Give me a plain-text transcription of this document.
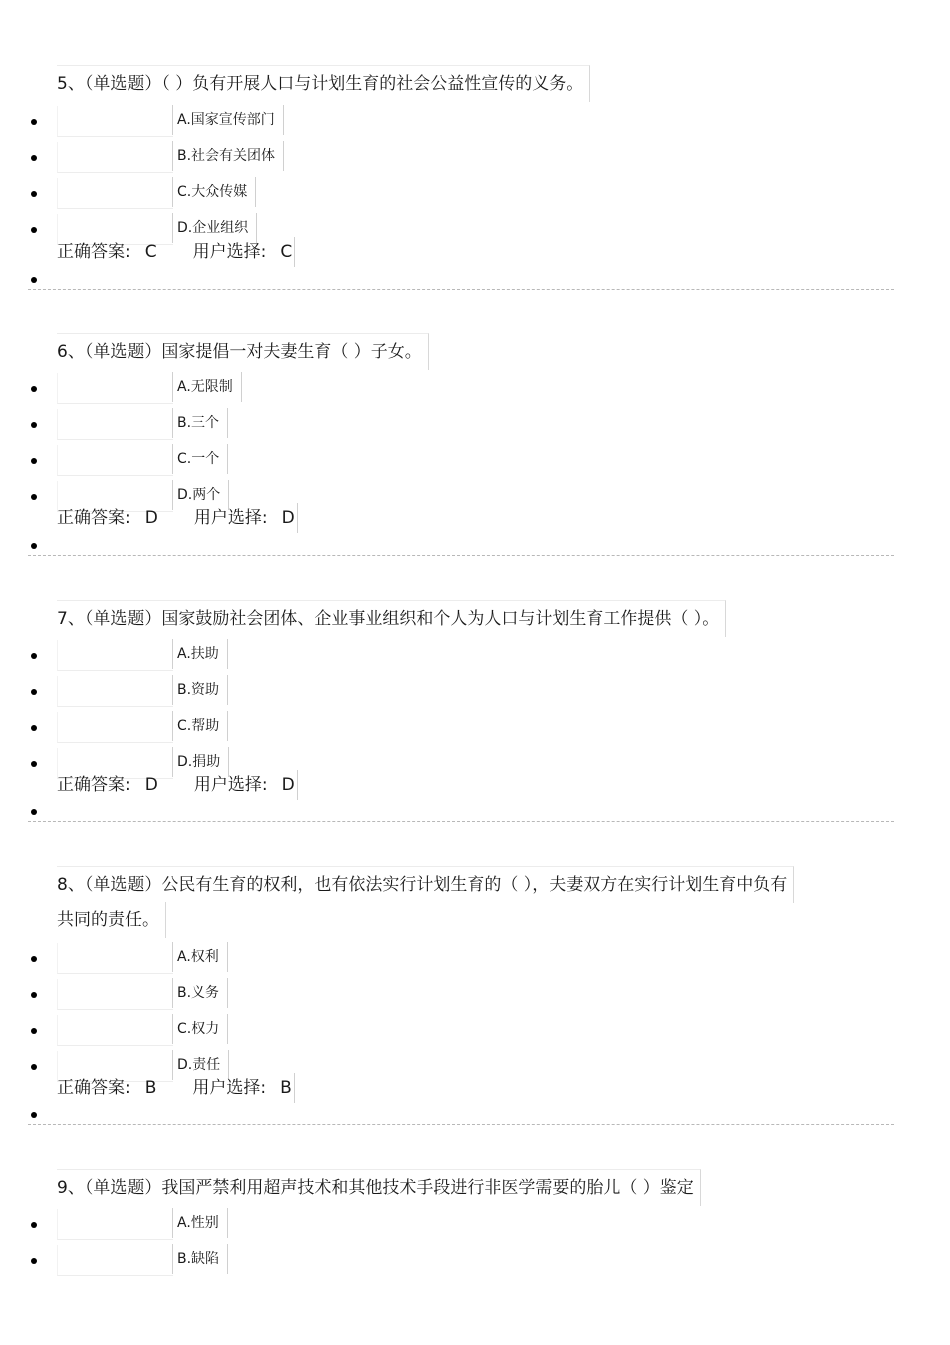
5、（单选题）（ ）负有开展人口与计划生育的社会公益性宣传的义务。
A.国家宣传部门
B.社会有关团体
C.大众传媒
D.企业组织
正确答案: C 用户选择: C
6、（单选题）国家提倡一对夫妻生育（ ）子女。
A.无限制
B.三个
C.一个
D.两个
正确答案: D 用户选择: D
7、（单选题）国家鼓励社会团体、企业事业组织和个人为人口与计划生育工作提供（ ）。
A.扶助
B.资助
C.帮助
D.捐助
正确答案: D 用户选择: D
8、（单选题）公民有生育的权利，也有依法实行计划生育的（ ），夫妻双方在实行计划生育中负有
共同的责任。
A.权利
B.义务
C.权力
D.责任
正确答案: B 用户选择: B
9、（单选题）我国严禁利用超声技术和其他技术手段进行非医学需要的胎儿（ ）鉴定
A.性别
B.缺陷
